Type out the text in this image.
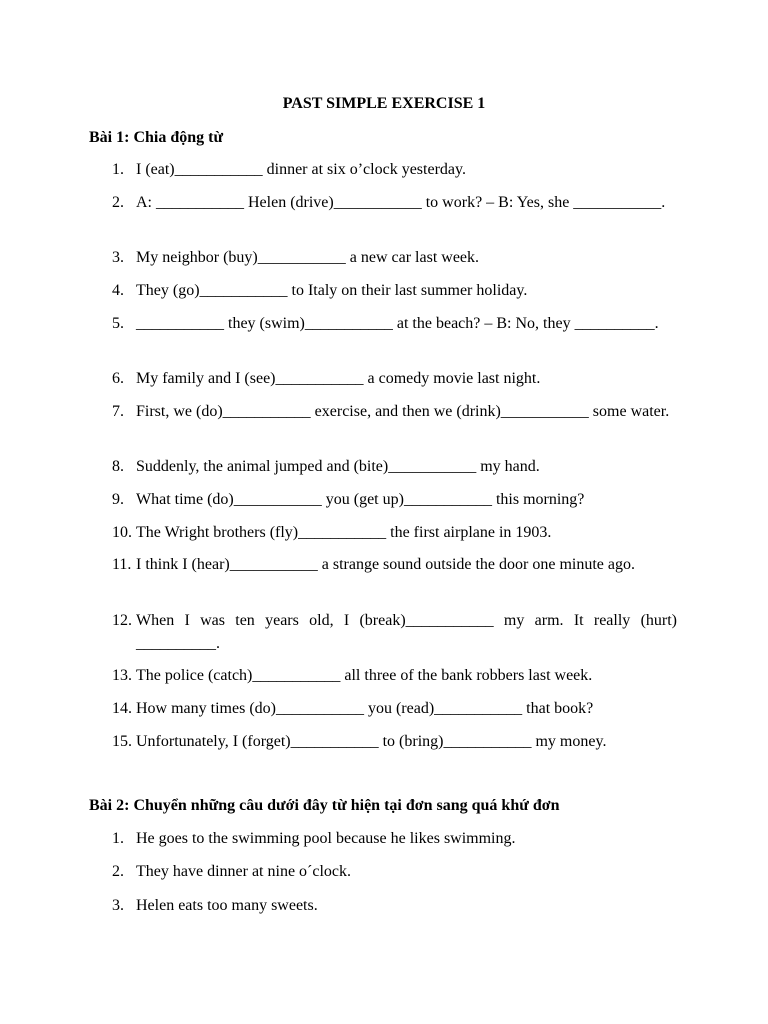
PAST SIMPLE EXERCISE 1
Bài 1: Chia động từ
1. I (eat)___________ dinner at six o’clock yesterday.
2. A: ___________ Helen (drive)___________ to work? – B: Yes, she ___________.
3. My neighbor (buy)___________ a new car last week.
4. They (go)___________ to Italy on their last summer holiday.
5. ___________ they (swim)___________ at the beach? – B: No, they __________.
6. My family and I (see)___________ a comedy movie last night.
7. First, we (do)___________ exercise, and then we (drink)___________ some water.
8. Suddenly, the animal jumped and (bite)___________ my hand.
9. What time (do)___________ you (get up)___________ this morning?
10. The Wright brothers (fly)___________ the first airplane in 1903.
11. I think I (hear)___________ a strange sound outside the door one minute ago.
12. When I was ten years old, I (break)___________ my arm. It really (hurt) __________.
13. The police (catch)___________ all three of the bank robbers last week.
14. How many times (do)___________ you (read)___________ that book?
15. Unfortunately, I (forget)___________ to (bring)___________ my money.
Bài 2: Chuyển những câu dưới đây từ hiện tại đơn sang quá khứ đơn
1. He goes to the swimming pool because he likes swimming.
2. They have dinner at nine o´clock.
3. Helen eats too many sweets.
